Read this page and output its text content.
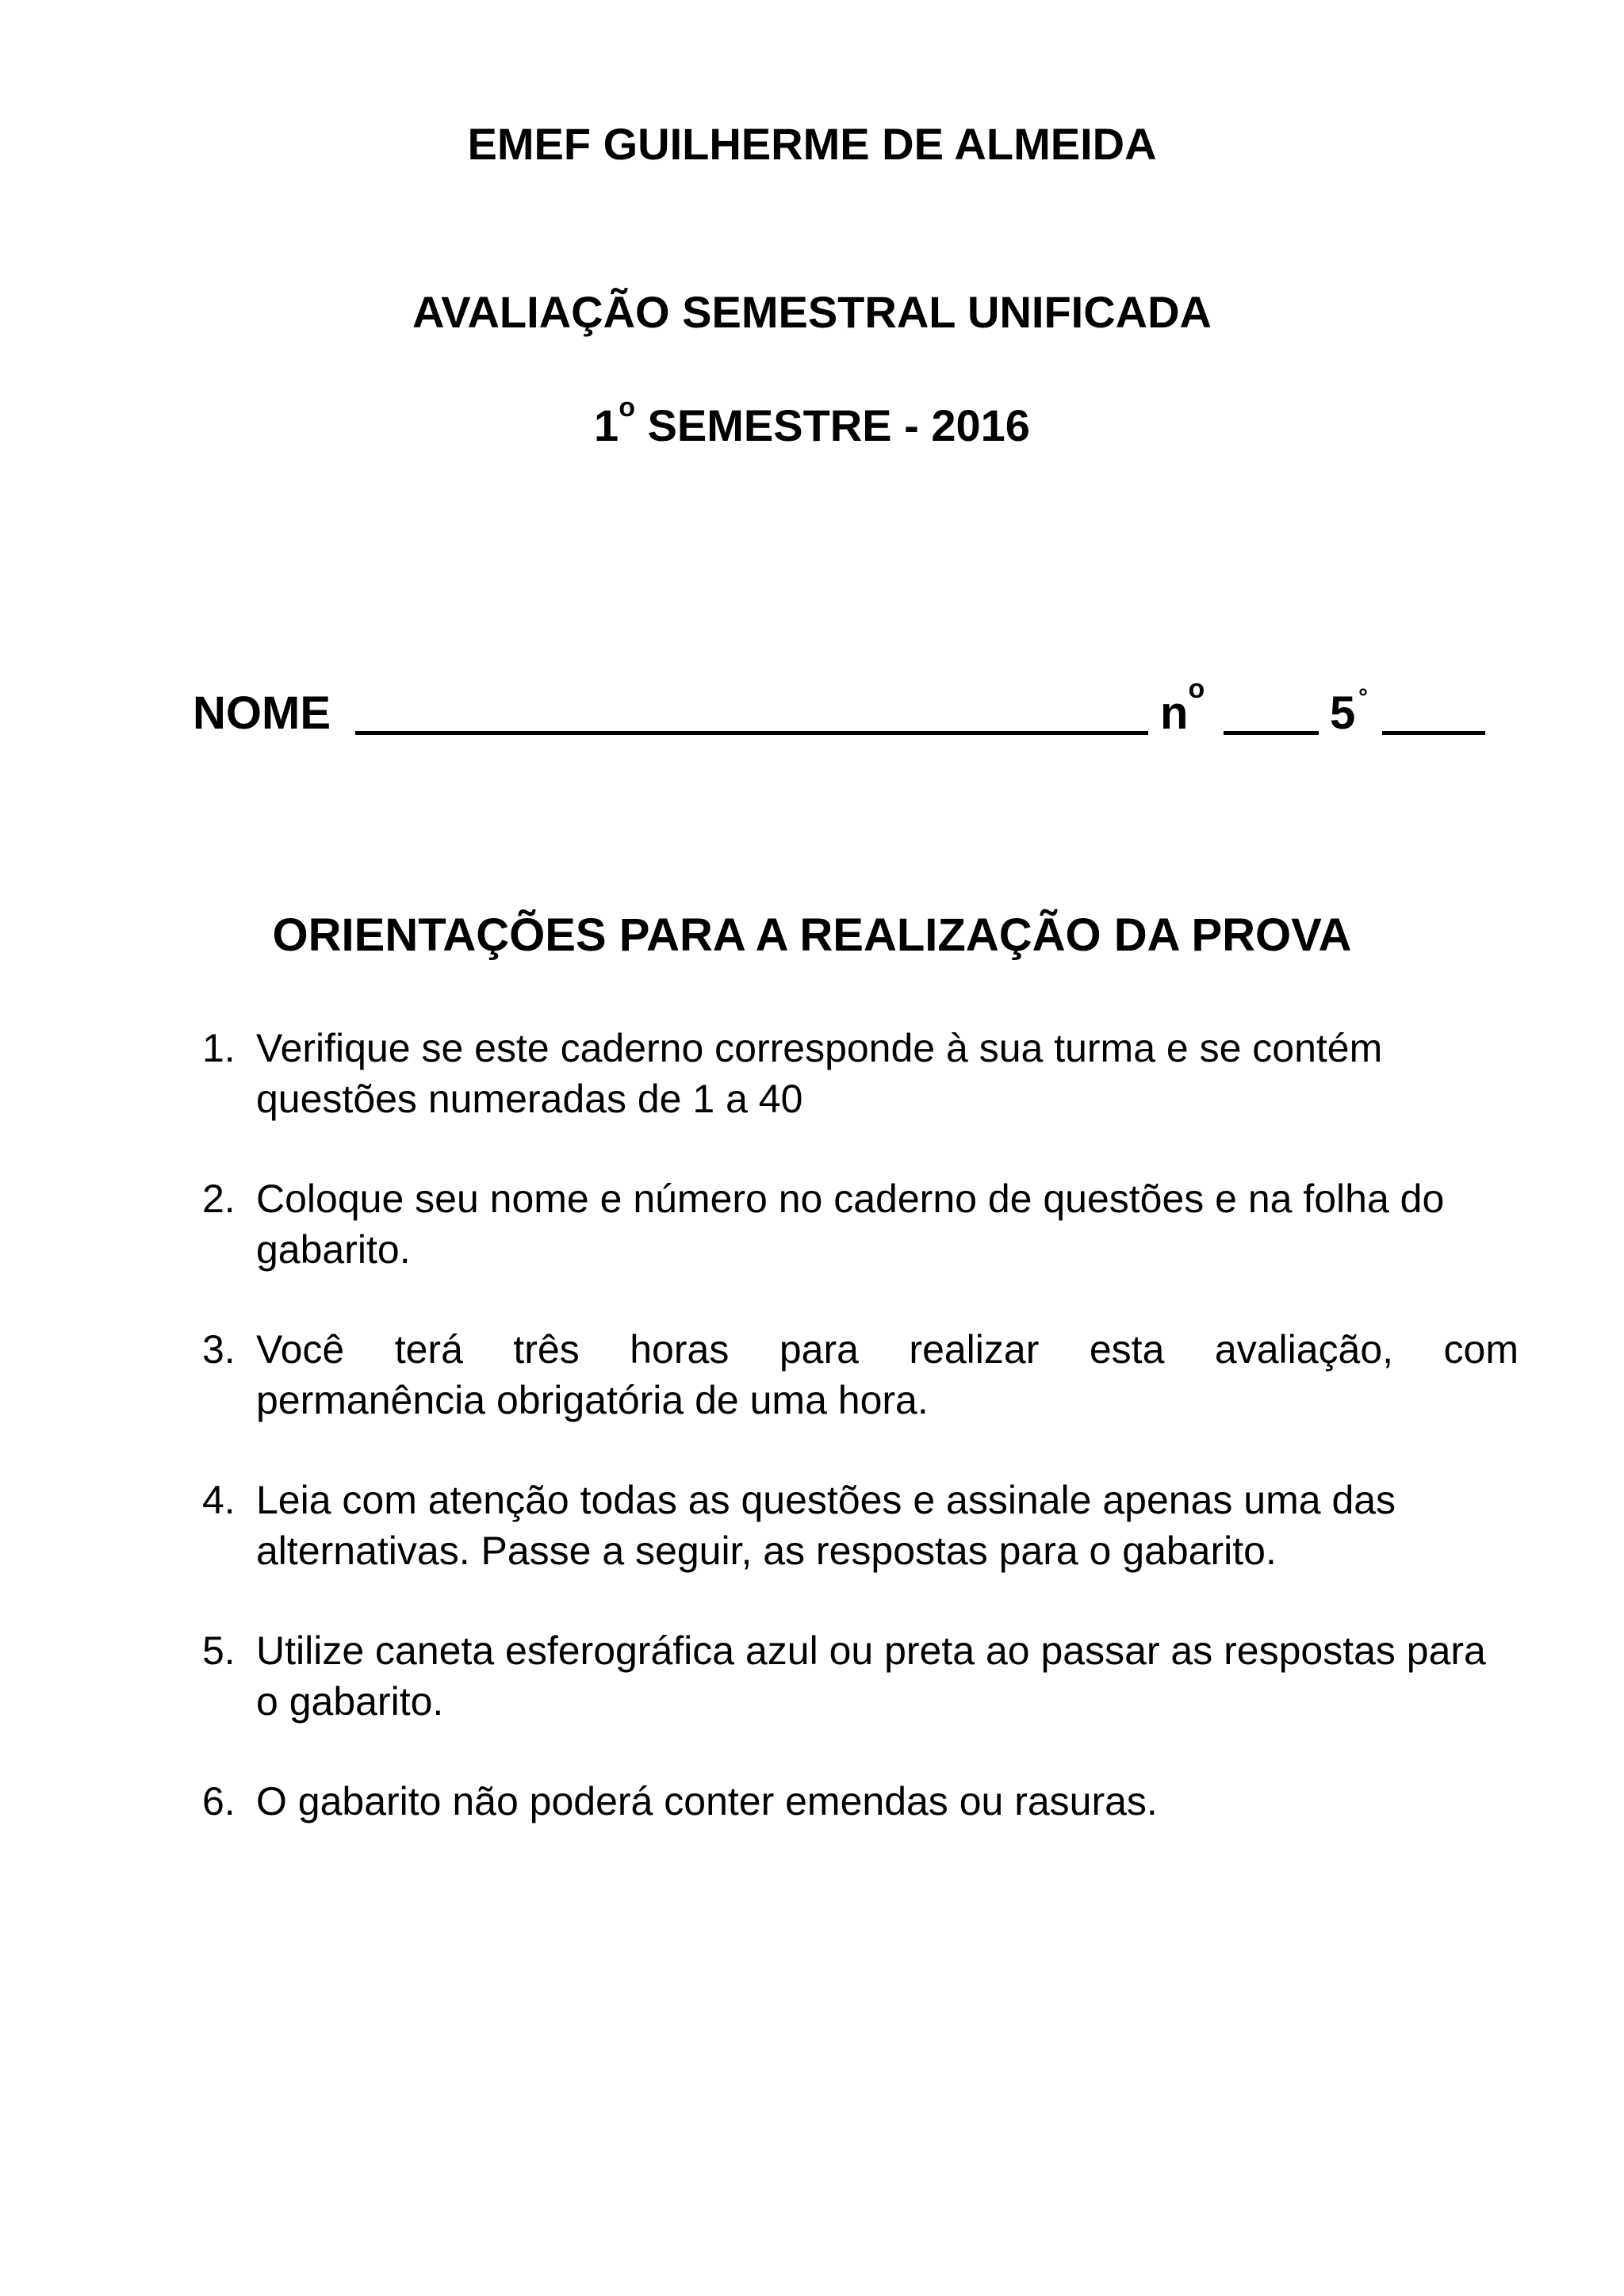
EMEF GUILHERME DE ALMEIDA
AVALIAÇÃO SEMESTRAL UNIFICADA
1$^o$ SEMESTRE - 2016
NOME	$n^o$	5 °
ORIENTAÇÕES PARA A REALIZAÇÃO DA PROVA
1. Verifique se este caderno corresponde à sua turma e se contém questões numeradas de 1 a 40
2. Coloque seu nome e número no caderno de questões e na folha do gabarito.
3. Você terá três horas para realizar esta avaliação, com
permanência obrigatória de uma hora.
4. Leia com atenção todas as questões e assinale apenas uma das alternativas. Passe a seguir, as respostas para o gabarito.
5. Utilize caneta esferográfica azul ou preta ao passar as respostas para o gabarito.
6. O gabarito não poderá conter emendas ou rasuras.
